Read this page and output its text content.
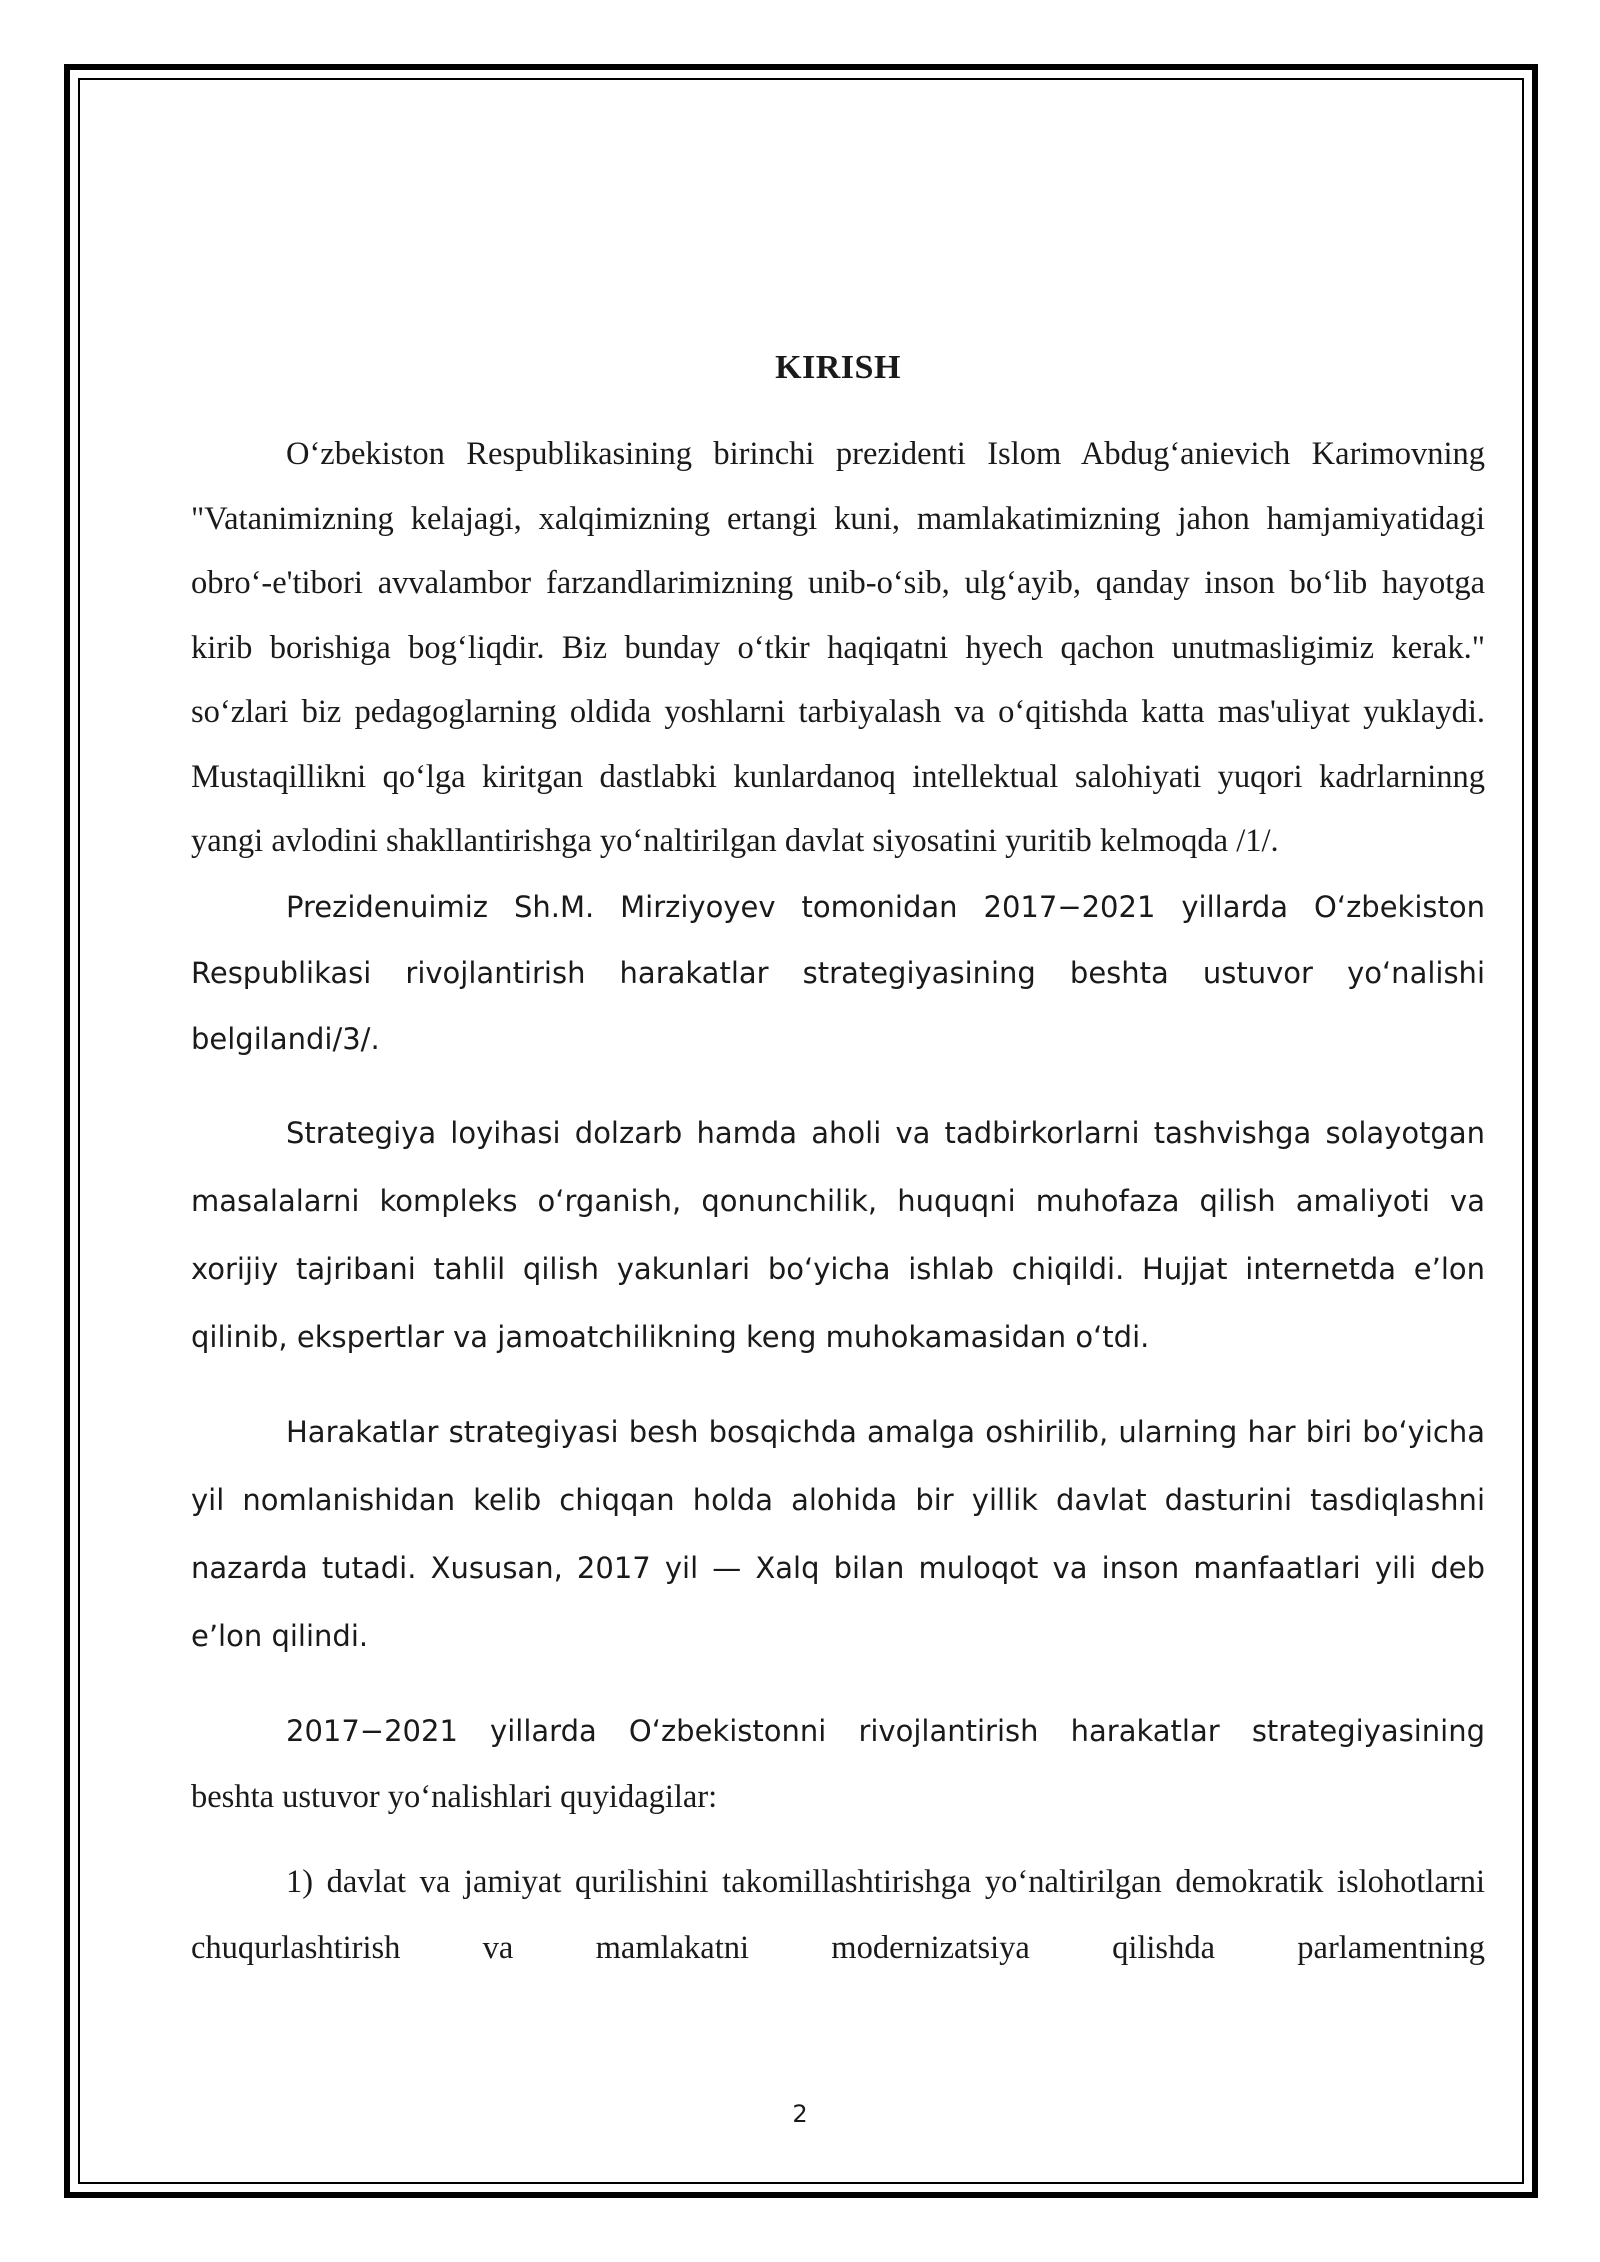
KIRISH

O‘zbekiston Respublikasining birinchi prezidenti Islom Abdug‘anievich Karimovning "Vatanimizning kelajagi, xalqimizning ertangi kuni, mamlakatimizning jahon hamjamiyatidagi obro‘-e'tibori avvalambor farzandlarimizning unib-o‘sib, ulg‘ayib, qanday inson bo‘lib hayotga kirib borishiga bog‘liqdir. Biz bunday o‘tkir haqiqatni hyech qachon unutmasligimiz kerak." so‘zlari biz pedagoglarning oldida yoshlarni tarbiyalash va o‘qitishda katta mas'uliyat yuklaydi. Mustaqillikni qo‘lga kiritgan dastlabki kunlardanoq intellektual salohiyati yuqori kadrlarninng yangi avlodini shakllantirishga yo‘naltirilgan davlat siyosatini yuritib kelmoqda /1/.

Prezidenuimiz Sh.M. Mirziyoyev tomonidan 2017−2021 yillarda O‘zbekiston Respublikasi rivojlantirish harakatlar strategiyasining beshta ustuvor yo‘nalishi belgilandi/3/.

Strategiya loyihasi dolzarb hamda aholi va tadbirkorlarni tashvishga solayotgan masalalarni kompleks o‘rganish, qonunchilik, huquqni muhofaza qilish amaliyoti va xorijiy tajribani tahlil qilish yakunlari bo‘yicha ishlab chiqildi. Hujjat internetda e’lon qilinib, ekspertlar va jamoatchilikning keng muhokamasidan o‘tdi.

Harakatlar strategiyasi besh bosqichda amalga oshirilib, ularning har biri bo‘yicha yil nomlanishidan kelib chiqqan holda alohida bir yillik davlat dasturini tasdiqlashni nazarda tutadi. Xususan, 2017 yil — Xalq bilan muloqot va inson manfaatlari yili deb e’lon qilindi.

2017−2021 yillarda O‘zbekistonni rivojlantirish harakatlar strategiyasining

beshta ustuvor yo‘nalishlari quyidagilar:

1) davlat va jamiyat qurilishini takomillashtirishga yo‘naltirilgan demokratik islohotlarni chuqurlashtirish va mamlakatni modernizatsiya qilishda parlamentning

2
